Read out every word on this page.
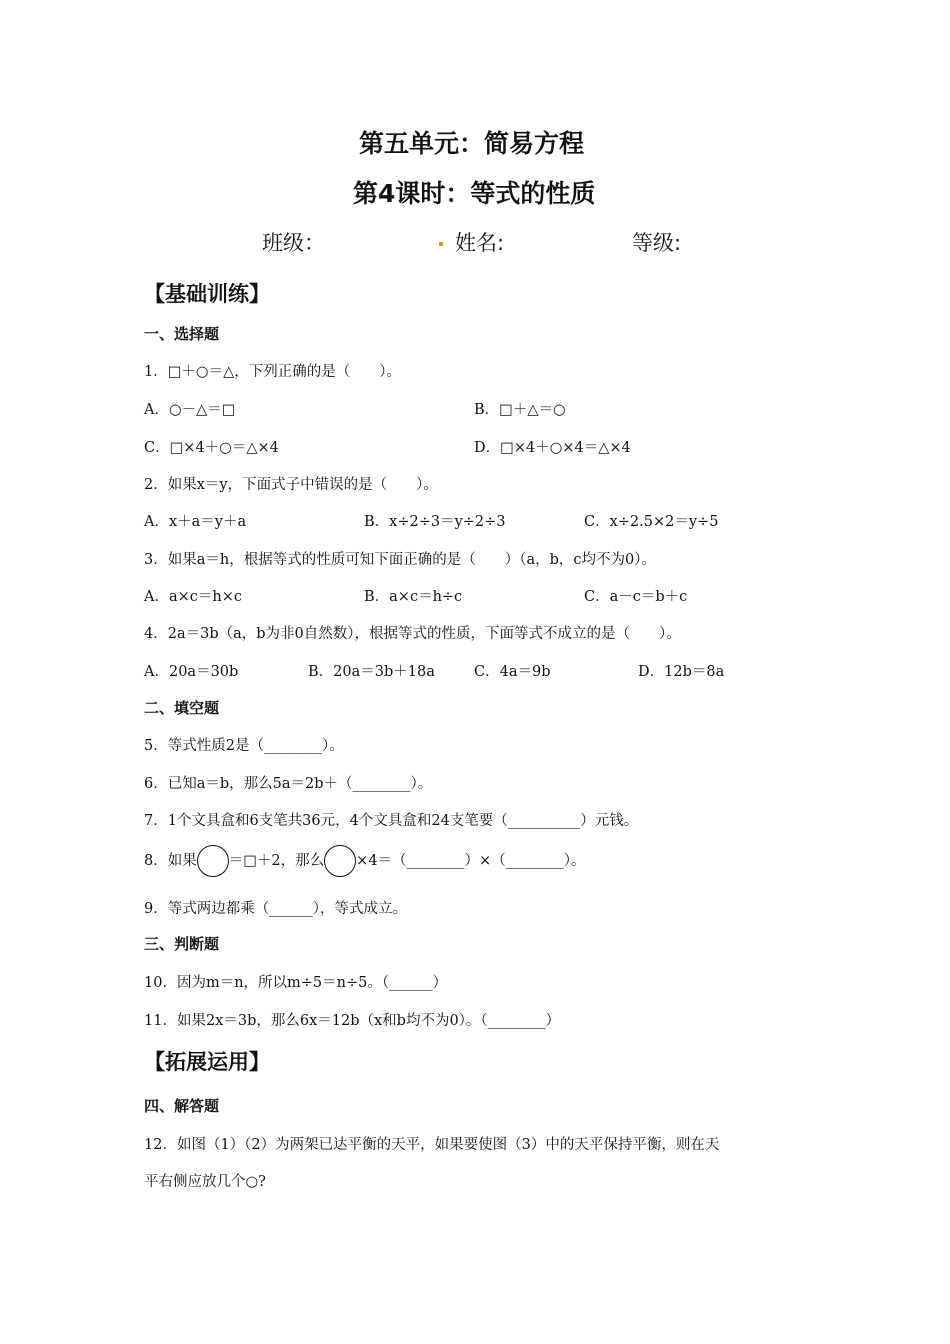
第五单元：简易方程
第4课时：等式的性质
班级：	. 姓名:	等级:
【基础训练】
一、选择题
1．□＋○＝△，下列正确的是（　　）。
A．○－△＝□	B．□＋△＝○
C．□×4＋○＝△×4	D．□×4＋○×4＝△×4
2．如果x＝y，下面式子中错误的是（　　）。
A．x＋a＝y＋a	B．x÷2÷3＝y÷2÷3	C．x÷2.5×2＝y÷5
3．如果a＝h，根据等式的性质可知下面正确的是（　　）（a，b，c均不为0）。
A．a×c＝h×c	B．a×c＝h÷c	C．a－c＝b＋c
4．2a＝3b（a，b为非0自然数），根据等式的性质，下面等式不成立的是（　　）。
A．20a＝30b	B．20a＝3b＋18a	C．4a＝9b	D．12b＝8a
二、填空题
5．等式性质2是（________）。
6．已知a＝b，那么5a＝2b＋（________）。
7．1个文具盒和6支笔共36元，4个文具盒和24支笔要（__________）元钱。
8．如果 ＝□＋2，那么 ×4＝（________）×（________）。
9．等式两边都乘（______），等式成立。
三、判断题
10．因为m＝n，所以m÷5＝n÷5。（______）
11．如果2x＝3b，那么6x＝12b（x和b均不为0）。（________）
【拓展运用】
四、解答题
12．如图（1）（2）为两架已达平衡的天平，如果要使图（3）中的天平保持平衡，则在天
平右侧应放几个○?
